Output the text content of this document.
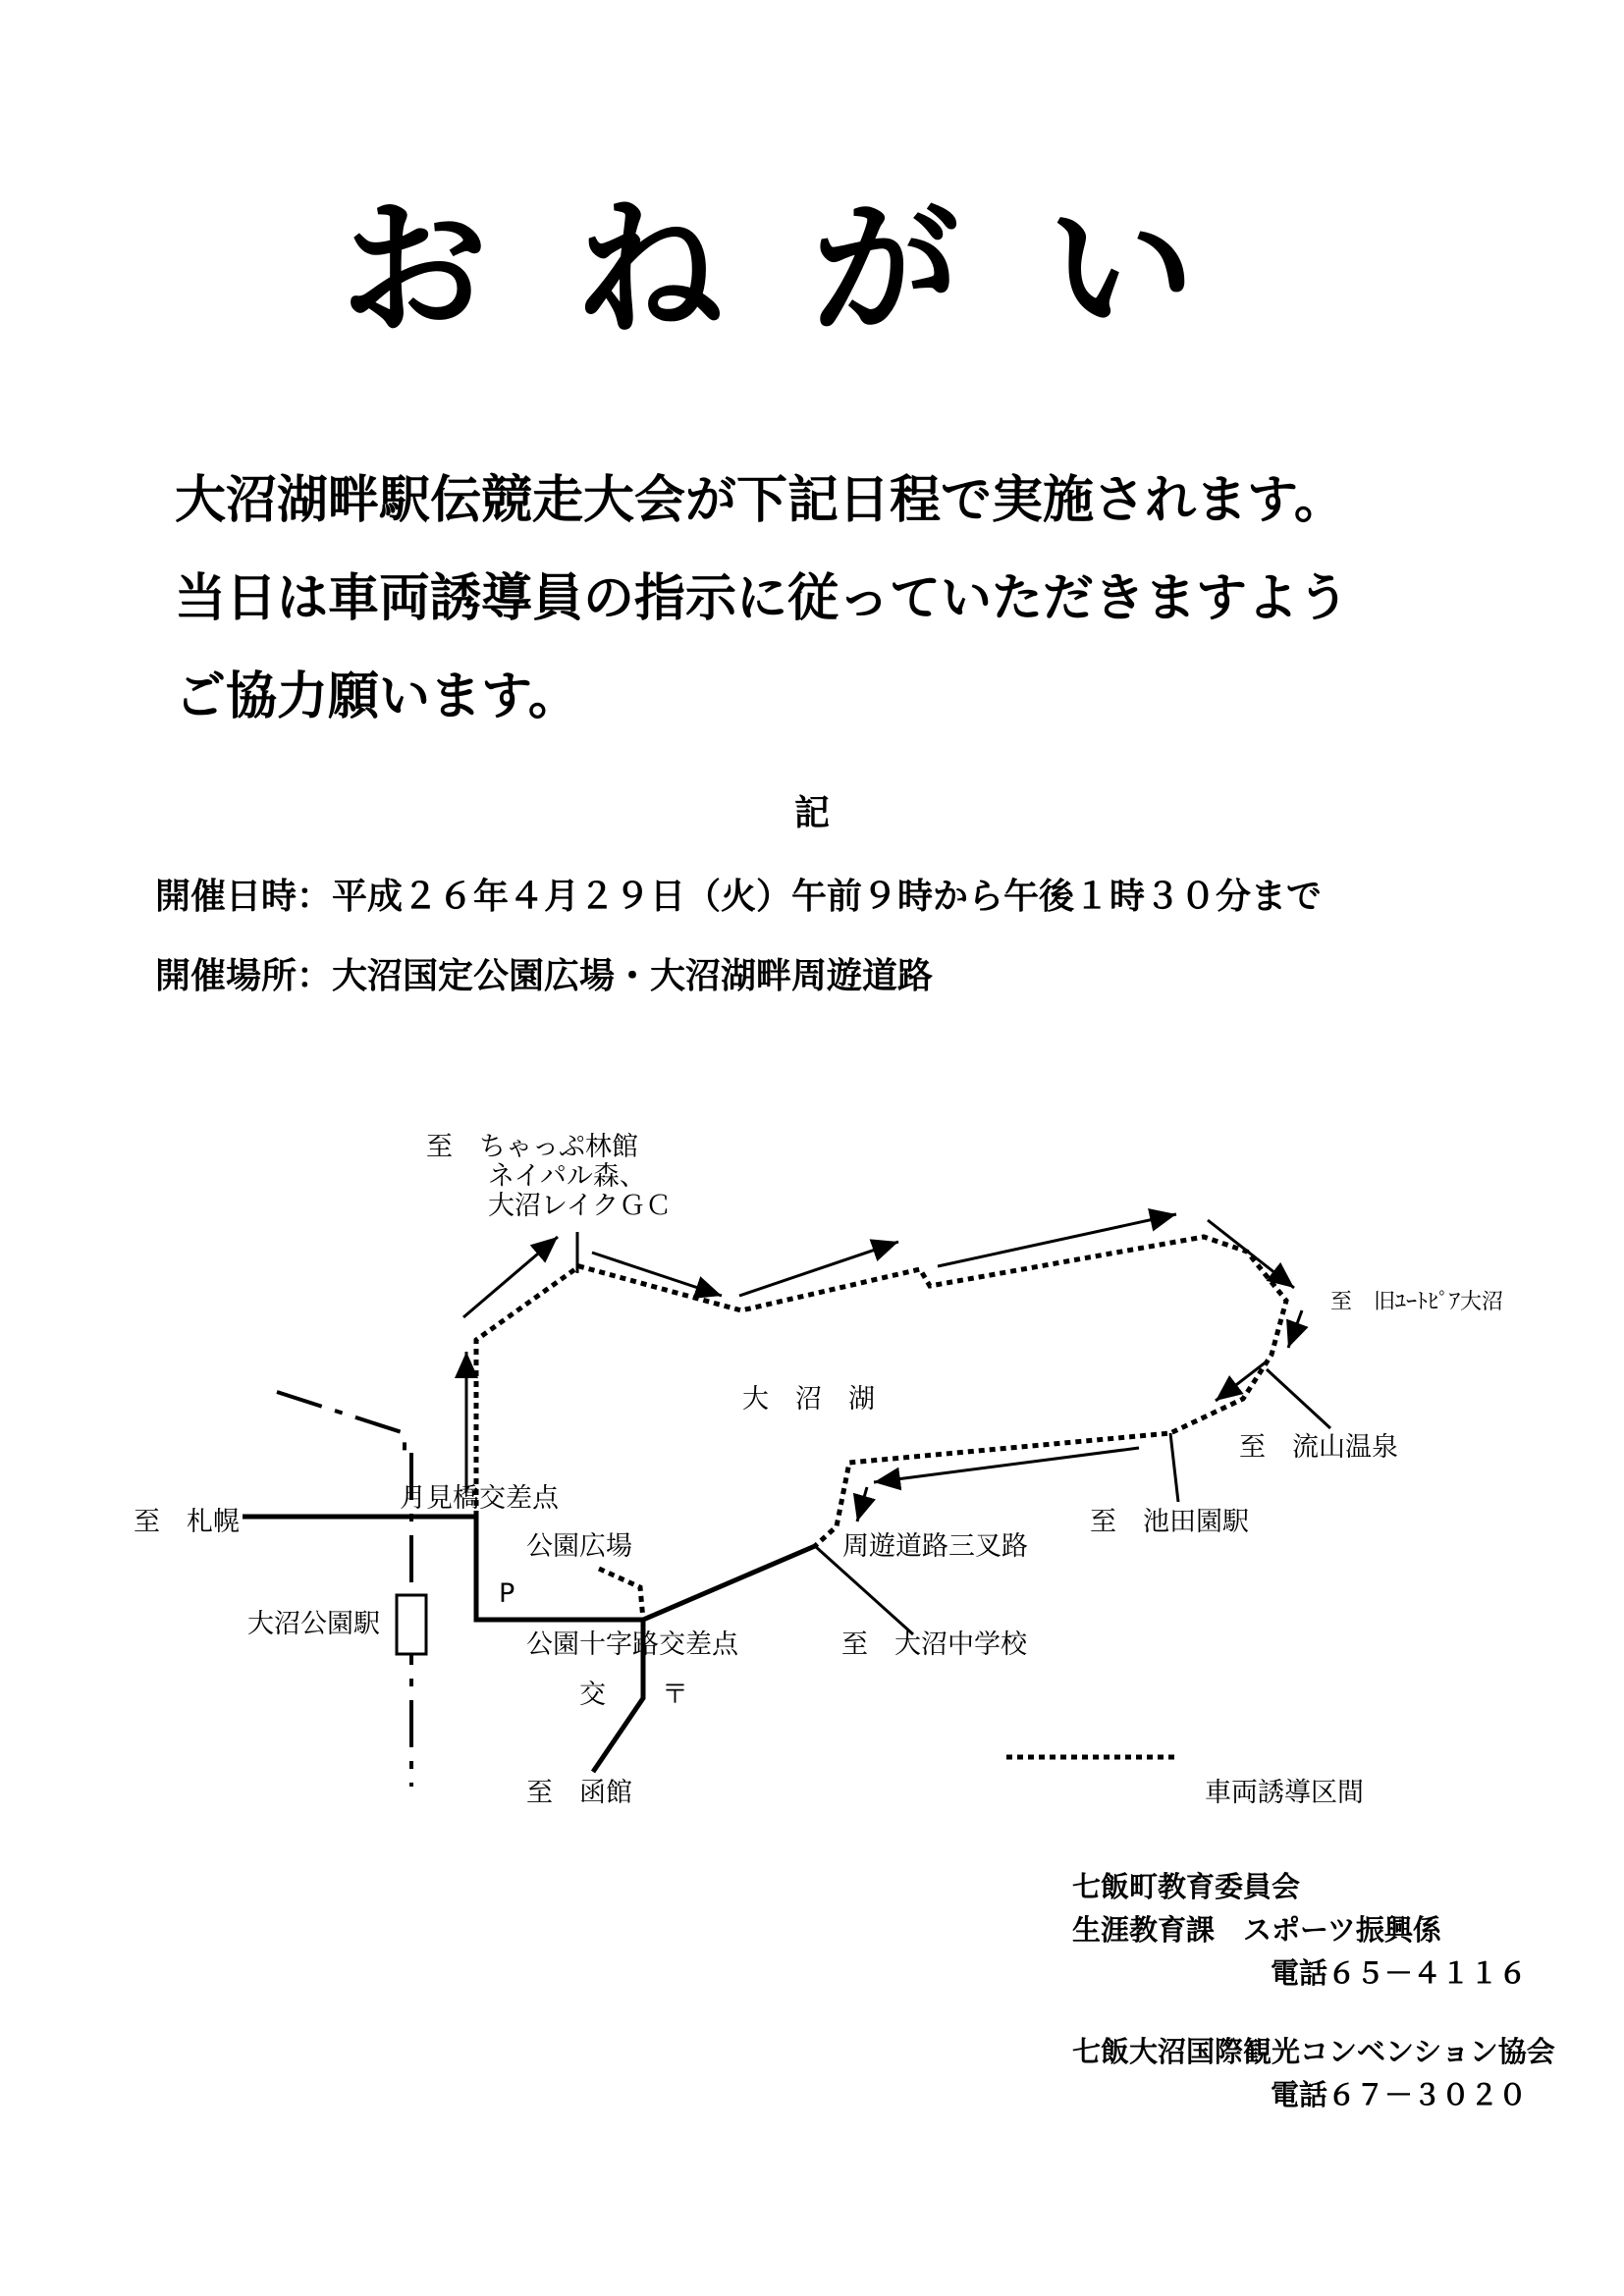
おねがい
大沼湖畔駅伝競走大会が下記日程で実施されます。
当日は車両誘導員の指示に従っていただきますよう
ご協力願います。
記
開催日時：平成２６年４月２９日（火）午前９時から午後１時３０分まで
開催場所：大沼国定公園広場・大沼湖畔周遊道路
至　ちゃっぷ林館
ネイパル森、
大沼レイクＧＣ
至　旧ﾕｰﾄﾋﾟｱ大沼
大　沼　湖
至　流山温泉
至　札幌
月見橋交差点
至　池田園駅
公園広場	周遊道路三叉路
P
大沼公園駅
公園十字路交差点	至　大沼中学校
交 〒
至　函館	車両誘導区間
七飯町教育委員会
生涯教育課　スポーツ振興係
電話６５－４１１６
七飯大沼国際観光コンベンション協会
電話６７－３０２０
